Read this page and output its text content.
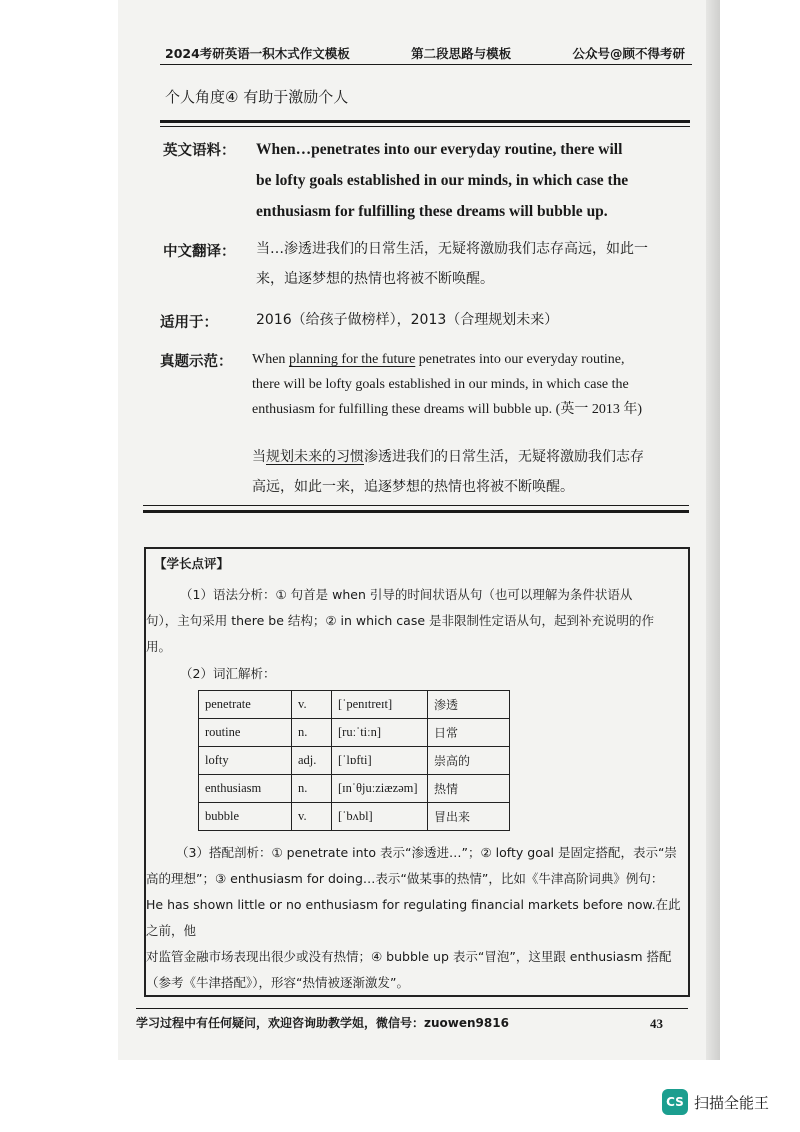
2024考研英语一积木式作文模板	第二段思路与模板	公众号@顾不得考研
个人角度④ 有助于激励个人
英文语料： When…penetrates into our everyday routine, there will
be lofty goals established in our minds, in which case the
enthusiasm for fulfilling these dreams will bubble up.
中文翻译： 当…渗透进我们的日常生活，无疑将激励我们志存高远，如此一
来，追逐梦想的热情也将被不断唤醒。
适用于：	2016（给孩子做榜样），2013（合理规划未来）
真题示范： When planning for the future penetrates into our everyday routine,
there will be lofty goals established in our minds, in which case the
enthusiasm for fulfilling these dreams will bubble up. (英一 2013 年)
当规划未来的习惯渗透进我们的日常生活，无疑将激励我们志存
高远，如此一来，追逐梦想的热情也将被不断唤醒。
【学长点评】
（1）语法分析：① 句首是 when 引导的时间状语从句（也可以理解为条件状语从
句），主句采用 there be 结构；② in which case 是非限制性定语从句，起到补充说明的作
用。
（2）词汇解析：
penetrate	v.	[ˈpenɪtreɪt]	渗透
routine	n.	[ruːˈtiːn]	日常
lofty	adj.	[ˈlɒfti]	崇高的
enthusiasm	n.	[ɪnˈθjuːziæzəm]	热情
bubble	v.	[ˈbʌbl]	冒出来
（3）搭配剖析：① penetrate into 表示“渗透进…”；② lofty goal 是固定搭配，表示“崇
高的理想”；③ enthusiasm for doing…表示“做某事的热情”，比如《牛津高阶词典》例句：
He has shown little or no enthusiasm for regulating financial markets before now.在此之前，他
对监管金融市场表现出很少或没有热情；④ bubble up 表示“冒泡”，这里跟 enthusiasm 搭配
（参考《牛津搭配》），形容“热情被逐渐激发”。
学习过程中有任何疑问，欢迎咨询助教学姐，微信号：zuowen9816	43
CS 扫描全能王
